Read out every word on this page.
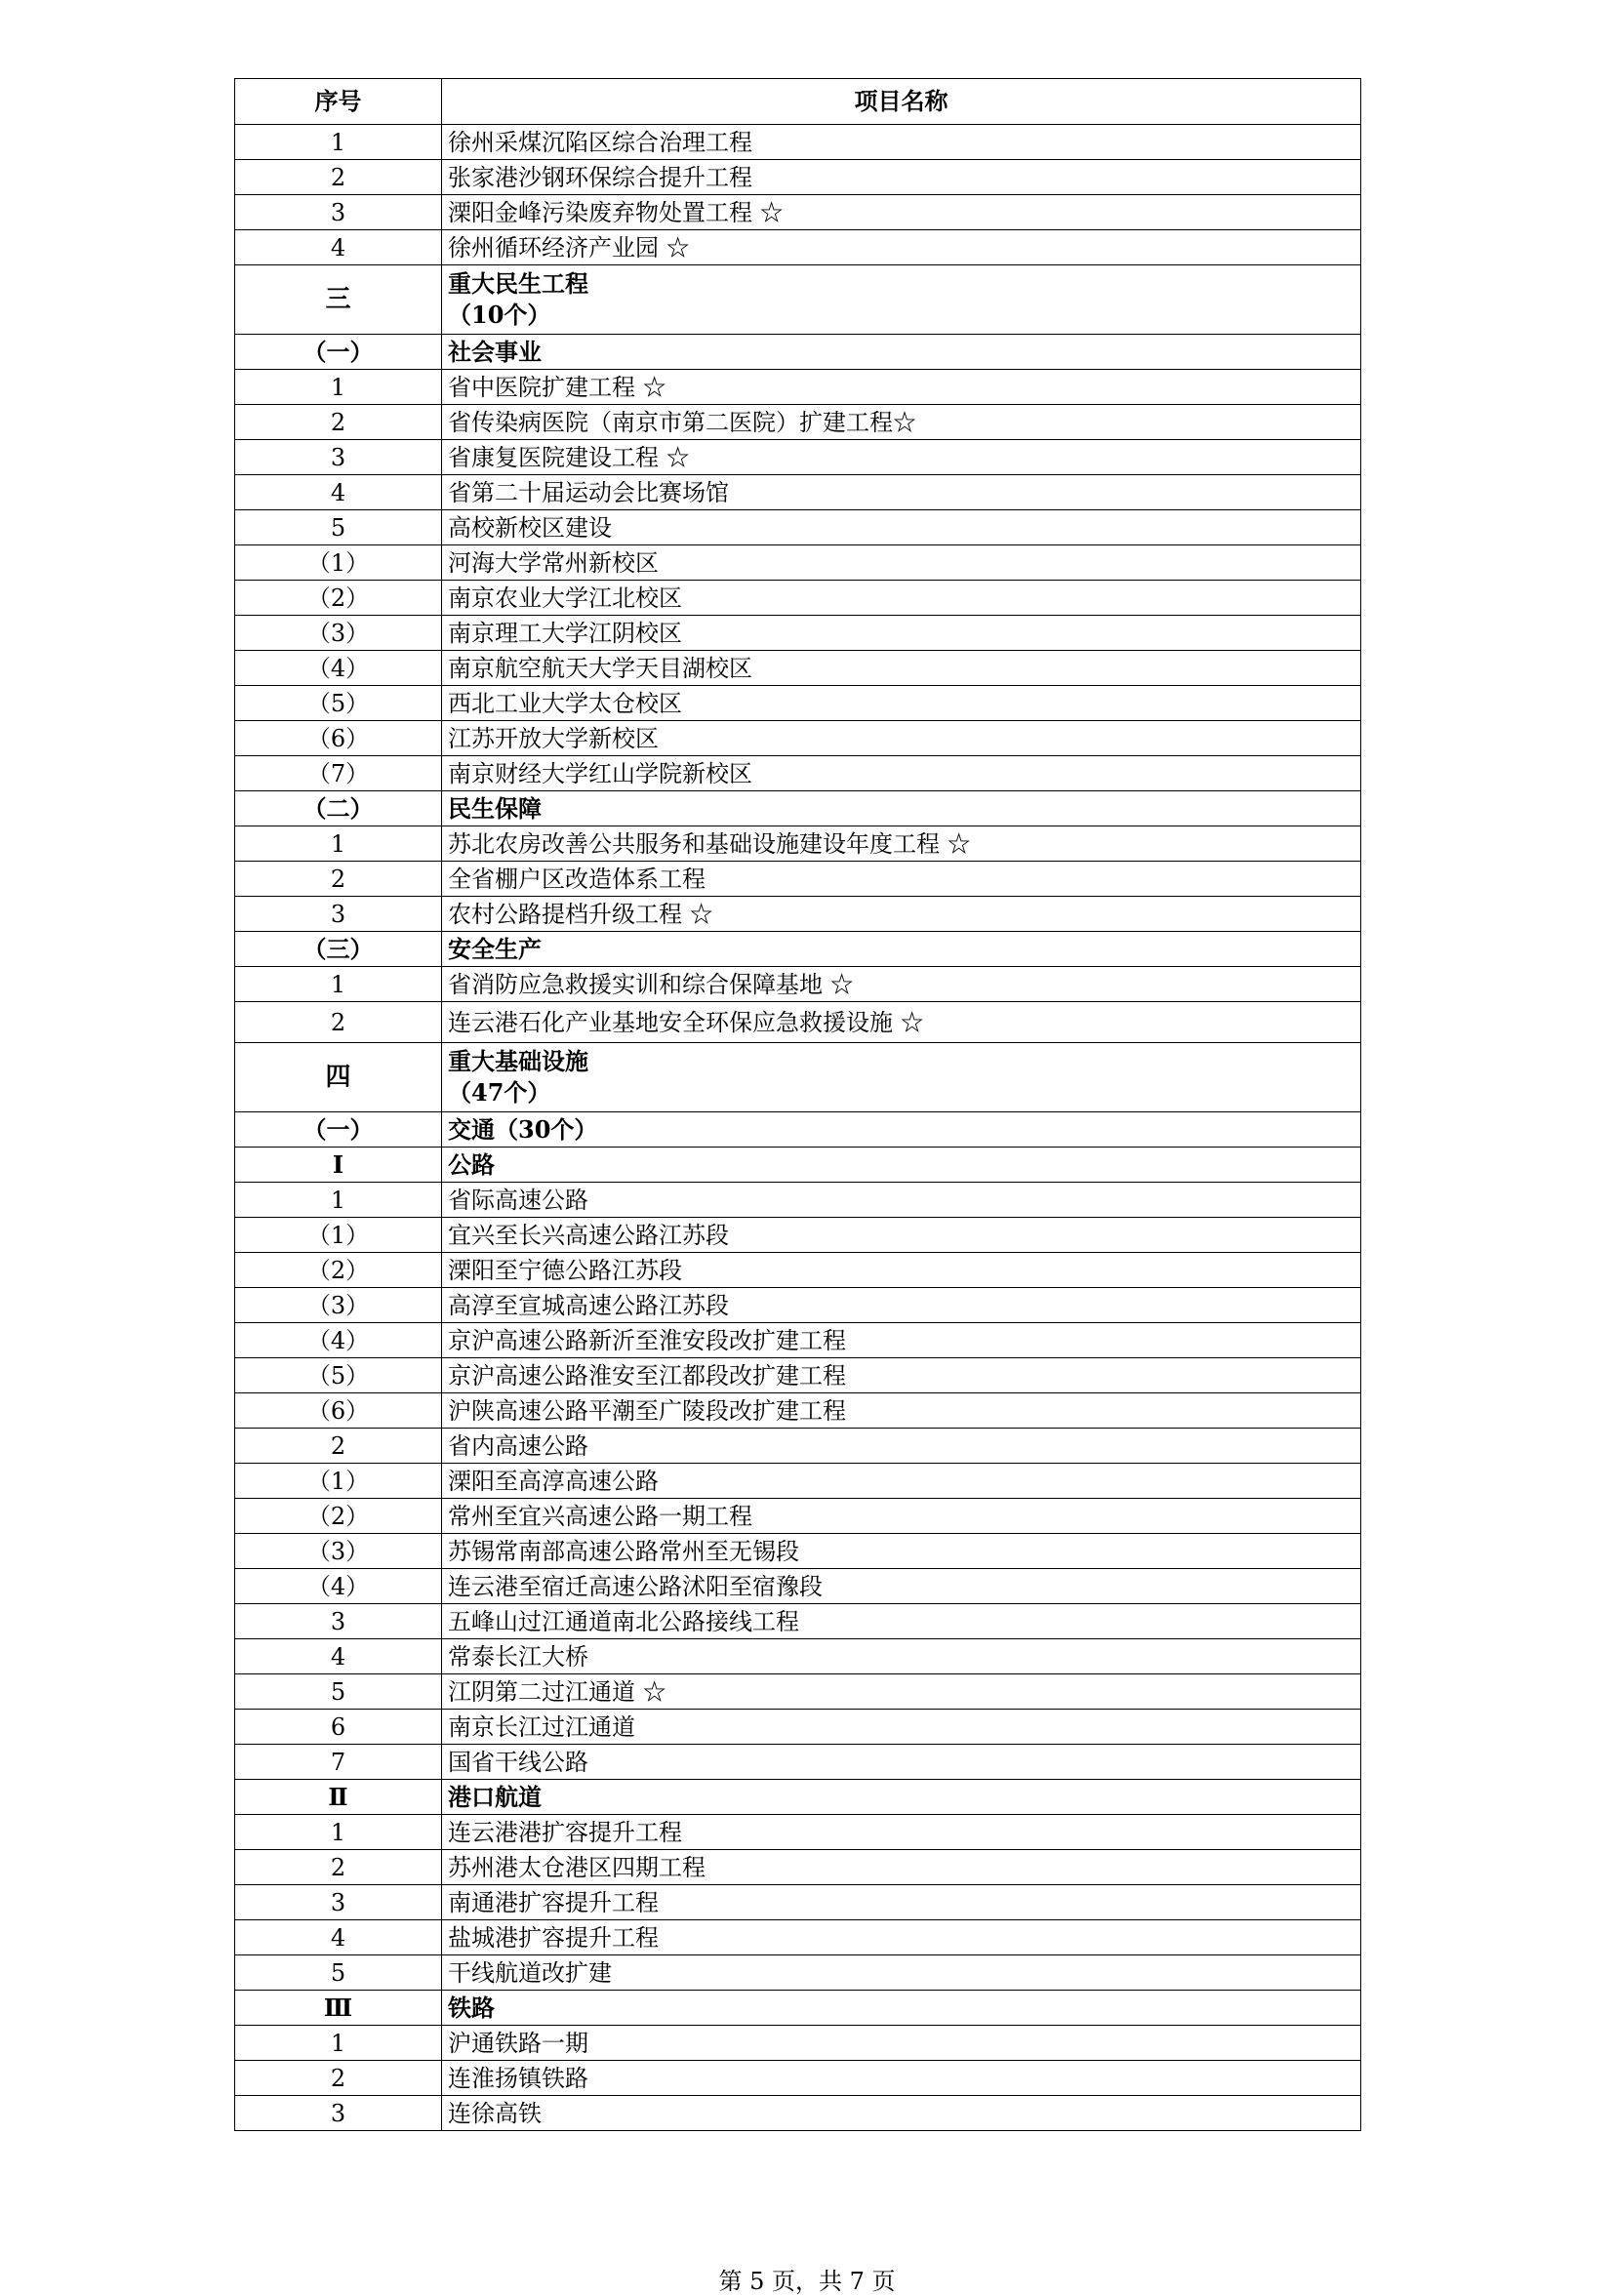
序号	项目名称
1	徐州采煤沉陷区综合治理工程
2	张家港沙钢环保综合提升工程
3	溧阳金峰污染废弃物处置工程 ☆
4	徐州循环经济产业园 ☆
三	重大民生工程
（10个）

（一）	社会事业
1	省中医院扩建工程 ☆
2	省传染病医院（南京市第二医院）扩建工程☆
3	省康复医院建设工程 ☆
4	省第二十届运动会比赛场馆
5	高校新校区建设
（1）	河海大学常州新校区
（2）	南京农业大学江北校区
（3）	南京理工大学江阴校区
（4）	南京航空航天大学天目湖校区
（5）	西北工业大学太仓校区
（6）	江苏开放大学新校区
（7）	南京财经大学红山学院新校区
（二）	民生保障
1	苏北农房改善公共服务和基础设施建设年度工程 ☆
2	全省棚户区改造体系工程
3	农村公路提档升级工程 ☆
（三）	安全生产
1	省消防应急救援实训和综合保障基地 ☆
2	连云港石化产业基地安全环保应急救援设施 ☆
四	重大基础设施
（47个）

（一）	交通（30个）
Ⅰ	公路
1	省际高速公路
（1）	宜兴至长兴高速公路江苏段
（2）	溧阳至宁德公路江苏段
（3）	高淳至宣城高速公路江苏段
（4）	京沪高速公路新沂至淮安段改扩建工程
（5）	京沪高速公路淮安至江都段改扩建工程
（6）	沪陕高速公路平潮至广陵段改扩建工程
2	省内高速公路
（1）	溧阳至高淳高速公路
（2）	常州至宜兴高速公路一期工程
（3）	苏锡常南部高速公路常州至无锡段
（4）	连云港至宿迁高速公路沭阳至宿豫段
3	五峰山过江通道南北公路接线工程
4	常泰长江大桥
5	江阴第二过江通道 ☆
6	南京长江过江通道
7	国省干线公路
Ⅱ	港口航道
1	连云港港扩容提升工程
2	苏州港太仓港区四期工程
3	南通港扩容提升工程
4	盐城港扩容提升工程
5	干线航道改扩建
Ⅲ	铁路
1	沪通铁路一期
2	连淮扬镇铁路
3	连徐高铁
第 5 页，共 7 页
